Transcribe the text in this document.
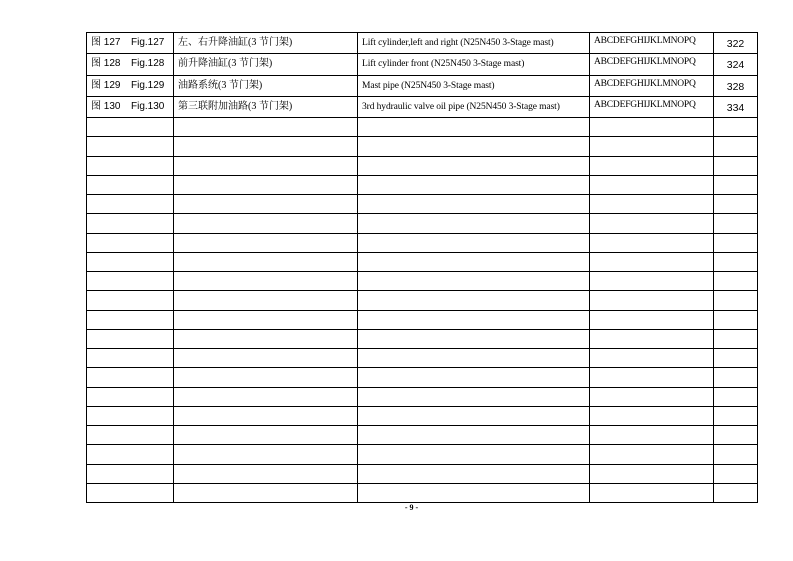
图 127 Fig.127	左、右升降油缸(3 节门架)	Lift cylinder,left and right (N25N450 3-Stage mast)	ABCDEFGHIJKLMNOPQ	322
图 128 Fig.128	前升降油缸(3 节门架)	Lift cylinder front (N25N450 3-Stage mast)	ABCDEFGHIJKLMNOPQ	324
图 129 Fig.129	油路系统(3 节门架)	Mast pipe (N25N450 3-Stage mast)	ABCDEFGHIJKLMNOPQ	328
图 130 Fig.130	第三联附加油路(3 节门架)	3rd hydraulic valve oil pipe (N25N450 3-Stage mast)	ABCDEFGHIJKLMNOPQ	334

- 9 -
